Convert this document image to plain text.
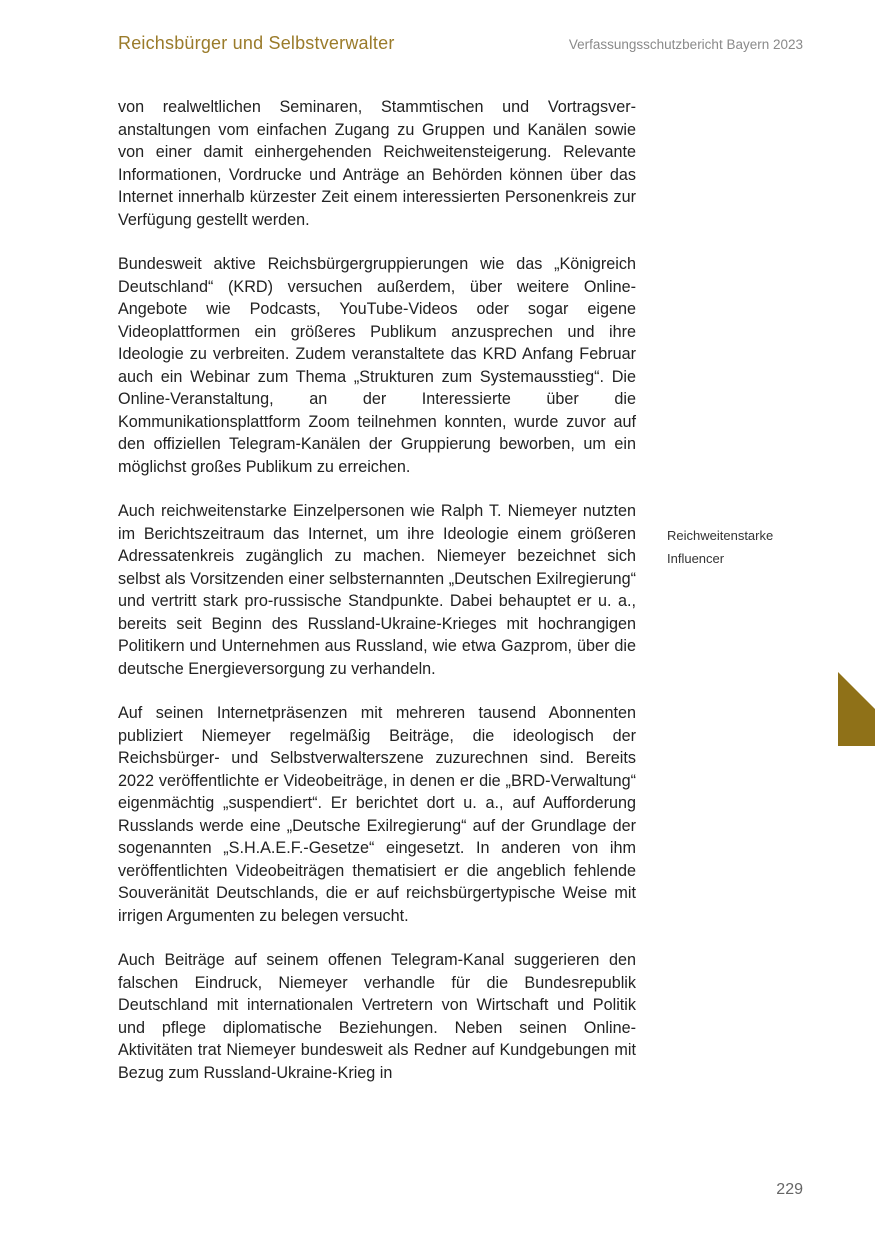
Reichsbürger und Selbstverwalter	Verfassungsschutzbericht Bayern 2023

von realweltlichen Seminaren, Stammtischen und Vortragsveranstaltungen vom einfachen Zugang zu Gruppen und Kanälen sowie von einer damit einhergehenden Reichweitensteigerung. Relevante Informationen, Vordrucke und Anträge an Behörden können über das Internet innerhalb kürzester Zeit einem interessierten Personenkreis zur Verfügung gestellt werden.

Bundesweit aktive Reichsbürgergruppierungen wie das „Königreich Deutschland“ (KRD) versuchen außerdem, über weitere Online-Angebote wie Podcasts, YouTube-Videos oder sogar eigene Videoplattformen ein größeres Publikum anzusprechen und ihre Ideologie zu verbreiten. Zudem veranstaltete das KRD Anfang Februar auch ein Webinar zum Thema „Strukturen zum Systemausstieg“. Die Online-Veranstaltung, an der Interessierte über die Kommunikationsplattform Zoom teilnehmen konnten, wurde zuvor auf den offiziellen Telegram-Kanälen der Gruppierung beworben, um ein möglichst großes Publikum zu erreichen.

Auch reichweitenstarke Einzelpersonen wie Ralph T. Niemeyer nutzten im Berichtszeitraum das Internet, um ihre Ideologie einem größeren Adressatenkreis zugänglich zu machen. Niemeyer bezeichnet sich selbst als Vorsitzenden einer selbsternannten „Deutschen Exilregierung“ und vertritt stark pro-russische Standpunkte. Dabei behauptet er u. a., bereits seit Beginn des Russland-Ukraine-Krieges mit hochrangigen Politikern und Unternehmen aus Russland, wie etwa Gazprom, über die deutsche Energieversorgung zu verhandeln.

Auf seinen Internetpräsenzen mit mehreren tausend Abonnenten publiziert Niemeyer regelmäßig Beiträge, die ideologisch der Reichsbürger- und Selbstverwalterszene zuzurechnen sind. Bereits 2022 veröffentlichte er Videobeiträge, in denen er die „BRD-Verwaltung“ eigenmächtig „suspendiert“. Er berichtet dort u. a., auf Aufforderung Russlands werde eine „Deutsche Exilregierung“ auf der Grundlage der sogenannten „S.H.A.E.F.-Gesetze“ eingesetzt. In anderen von ihm veröffentlichten Videobeiträgen thematisiert er die angeblich fehlende Souveränität Deutschlands, die er auf reichsbürgertypische Weise mit irrigen Argumenten zu belegen versucht.

Auch Beiträge auf seinem offenen Telegram-Kanal suggerieren den falschen Eindruck, Niemeyer verhandle für die Bundesrepublik Deutschland mit internationalen Vertretern von Wirtschaft und Politik und pflege diplomatische Beziehungen. Neben seinen Online-Aktivitäten trat Niemeyer bundesweit als Redner auf Kundgebungen mit Bezug zum Russland-Ukraine-Krieg in

Reichweitenstarke
Influencer
229
